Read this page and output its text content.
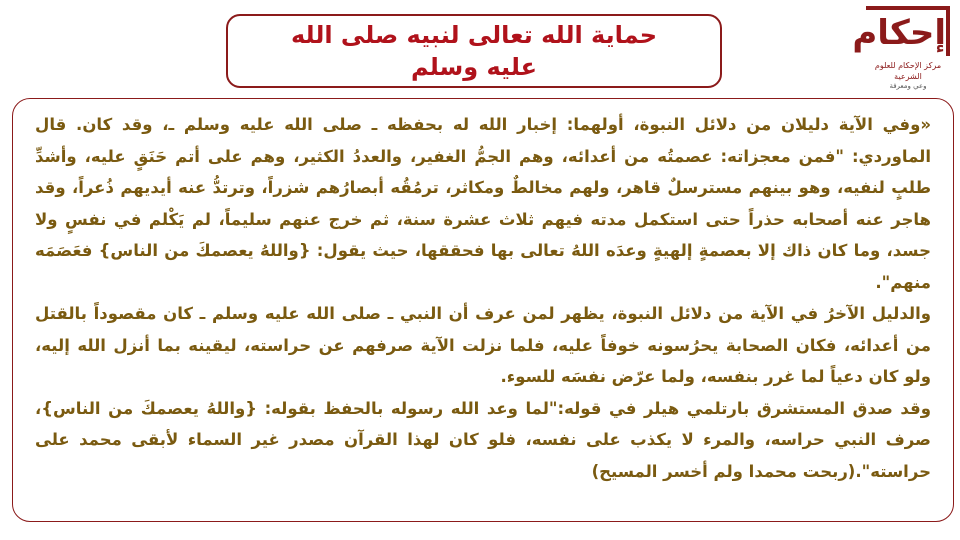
حماية الله تعالى لنبيه صلى الله عليه وسلم
إحكام
مركز الإحكام للعلوم الشرعية
وعي ومعرفة

«وفي الآية دليلان من دلائل النبوة، أولهما: إخبار الله له بحفظه ـ صلى الله عليه وسلم ـ، وقد كان. قال الماوردي: "فمن معجزاته: عصمتُه من أعدائه، وهم الجمُّ الغفير، والعددُ الكثير، وهم على أتم حَنَقٍ عليه، وأشدِّ طلبٍ لنفيه، وهو بينهم مسترسلٌ قاهر، ولهم مخالطٌ ومكاثر، ترمُقُه أبصارُهم شزراً، وترتدُّ عنه أيديهم ذُعراً، وقد هاجر عنه أصحابه حذراً حتى استكمل مدته فيهم ثلاث عشرة سنة، ثم خرج عنهم سليماً، لم يَكْلم في نفسٍ ولا جسد، وما كان ذاك إلا بعصمةٍ إلهيةٍ وعدَه اللهُ تعالى بها فحققها، حيث يقول: {واللهُ يعصمكَ من الناس} فعَصَمَه منهم".

والدليل الآخرُ في الآية من دلائل النبوة، يظهر لمن عرف أن النبي ـ صلى الله عليه وسلم ـ كان مقصوداً بالقتل من أعدائه، فكان الصحابة يحرُسونه خوفاً عليه، فلما نزلت الآية صرفهم عن حراسته، ليقينه بما أنزل الله إليه، ولو كان دعياً لما غرر بنفسه، ولما عرّض نفسَه للسوء.

وقد صدق المستشرق بارتلمي هيلر في قوله:"لما وعد الله رسوله بالحفظ بقوله: {واللهُ يعصمكَ من الناس}، صرف النبي حراسه، والمرء لا يكذب على نفسه، فلو كان لهذا القرآن مصدر غير السماء لأبقى محمد على حراسته".(ربحت محمدا ولم أخسر المسيح)
